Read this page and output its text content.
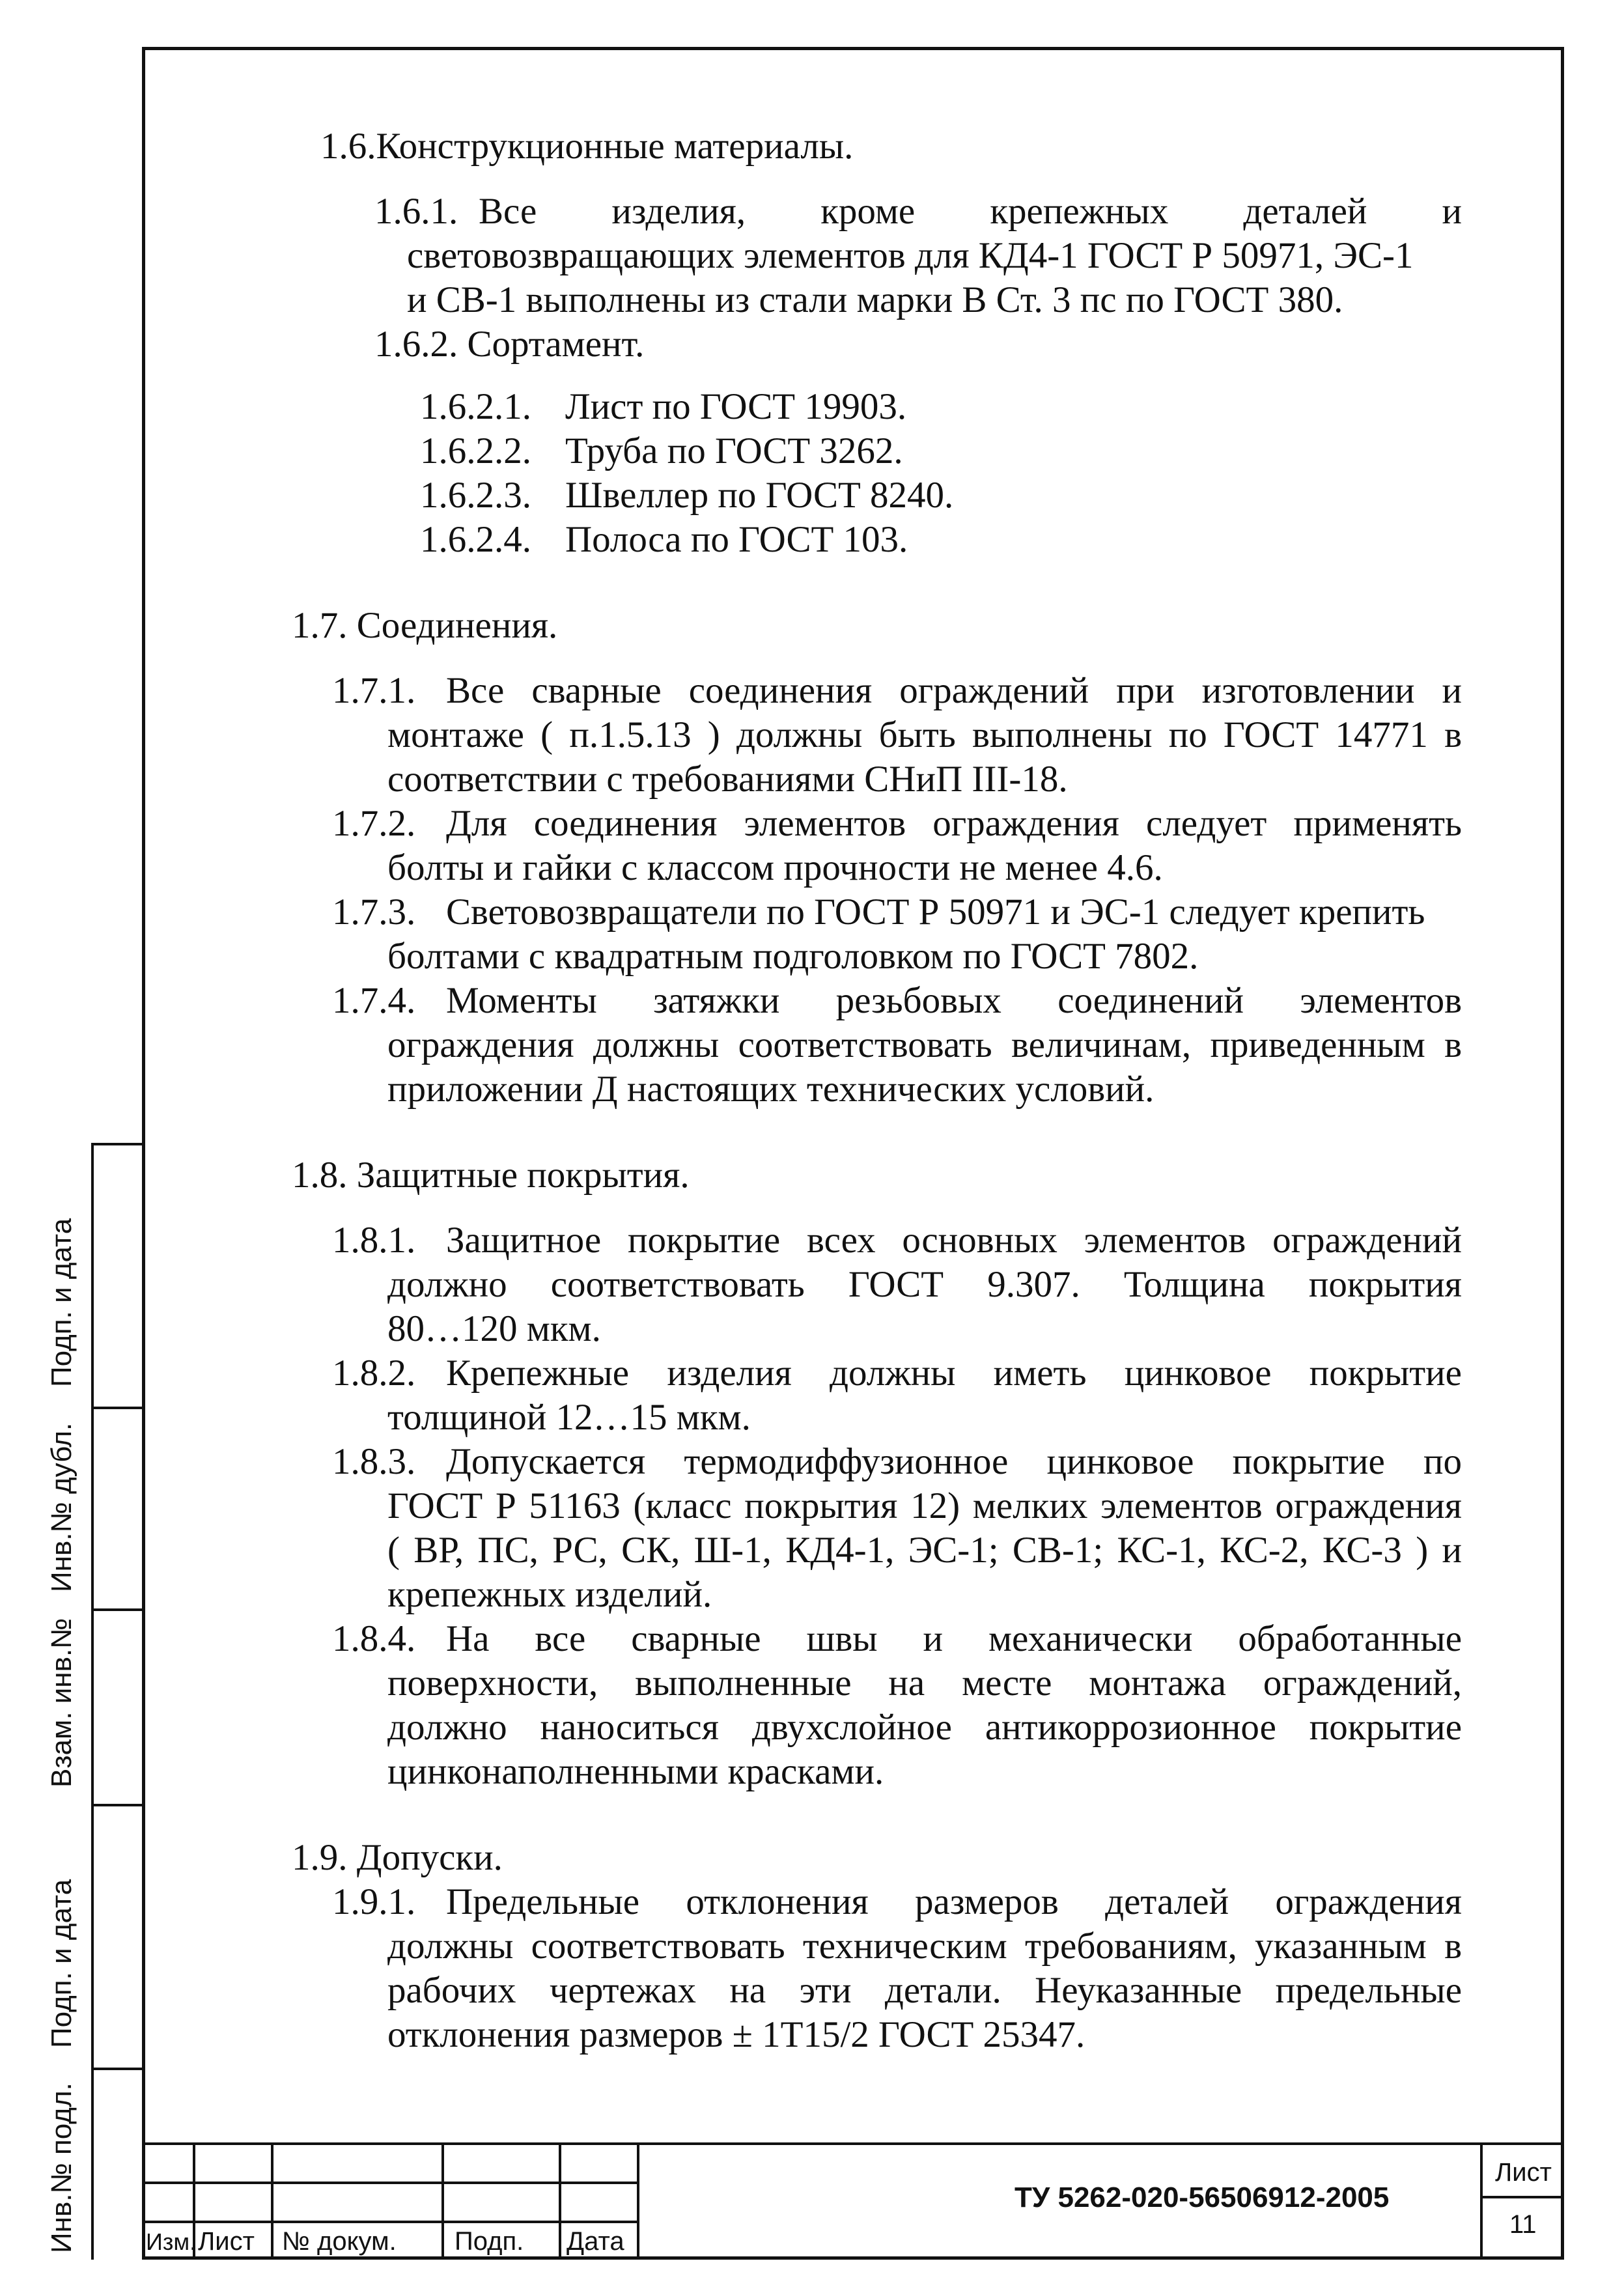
1.6.Конструкционные материалы.
1.6.1. Все изделия, кроме крепежных деталей и
световозвращающих элементов для КД4-1 ГОСТ Р 50971, ЭС-1
и СВ-1 выполнены из стали марки В Ст. 3 пс по ГОСТ 380.
1.6.2. Сортамент.
1.6.2.1. Лист по ГОСТ 19903.
1.6.2.2. Труба по ГОСТ 3262.
1.6.2.3. Швеллер по ГОСТ 8240.
1.6.2.4. Полоса по ГОСТ 103.
1.7. Соединения.
1.7.1. Все сварные соединения ограждений при изготовлении и
монтаже ( п.1.5.13 ) должны быть выполнены по ГОСТ 14771 в
соответствии с требованиями СНиП III-18.
1.7.2. Для соединения элементов ограждения следует применять
болты и гайки с классом прочности не менее 4.6.
1.7.3. Световозвращатели по ГОСТ Р 50971 и ЭС-1 следует крепить
болтами с квадратным подголовком по ГОСТ 7802.
1.7.4. Моменты затяжки резьбовых соединений элементов
ограждения должны соответствовать величинам, приведенным в
приложении Д настоящих технических условий.
1.8. Защитные покрытия.
1.8.1. Защитное покрытие всех основных элементов ограждений
должно соответствовать ГОСТ 9.307. Толщина покрытия
80…120 мкм.
1.8.2. Крепежные изделия должны иметь цинковое покрытие
толщиной 12…15 мкм.
1.8.3. Допускается термодиффузионное цинковое покрытие по
ГОСТ Р 51163 (класс покрытия 12) мелких элементов ограждения
( ВР, ПС, РС, СК, Ш-1, КД4-1, ЭС-1; СВ-1; КС-1, КС-2, КС-3 ) и
крепежных изделий.
1.8.4. На все сварные швы и механически обработанные
поверхности, выполненные на месте монтажа ограждений,
должно наноситься двухслойное антикоррозионное покрытие
цинконаполненными красками.
1.9. Допуски.
1.9.1. Предельные отклонения размеров деталей ограждения
должны соответствовать техническим требованиям, указанным в
рабочих чертежах на эти детали. Неуказанные предельные
отклонения размеров ± 1Т15/2 ГОСТ 25347.
Подп. и дата
Инв.№ дубл.
Взам. инв.№
Подп. и дата
Инв.№ подл.	Изм. Лист № докум. Подп. Дата
ТУ 5262-020-56506912-2005
Лист
11
